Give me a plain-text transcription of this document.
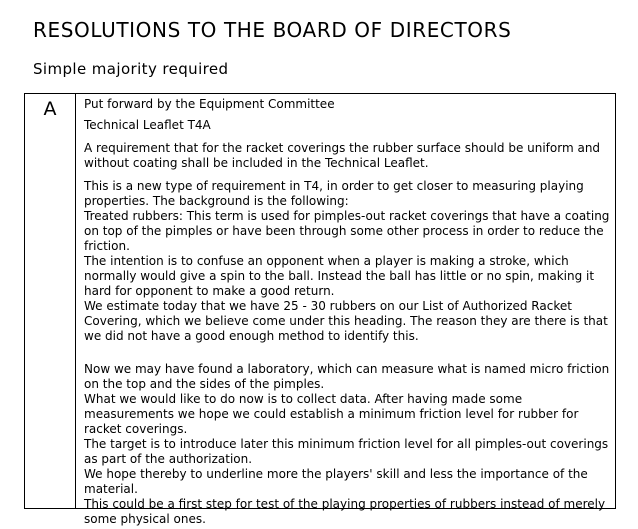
RESOLUTIONS TO THE BOARD OF DIRECTORS
Simple majority required
A	Put forward by the Equipment Committee

Technical Leaflet T4A

A requirement that for the racket coverings the rubber surface should be uniform and without coating shall be included in the Technical Leaflet.

This is a new type of requirement in T4, in order to get closer to measuring playing properties. The background is the following:

Treated rubbers: This term is used for pimples-out racket coverings that have a coating on top of the pimples or have been through some other process in order to reduce the friction.

The intention is to confuse an opponent when a player is making a stroke, which normally would give a spin to the ball. Instead the ball has little or no spin, making it hard for opponent to make a good return.

We estimate today that we have 25 - 30 rubbers on our List of Authorized Racket Covering, which we believe come under this heading. The reason they are there is that we did not have a good enough method to identify this.

Now we may have found a laboratory, which can measure what is named micro friction on the top and the sides of the pimples.

What we would like to do now is to collect data. After having made some measurements we hope we could establish a minimum friction level for rubber for racket coverings.

The target is to introduce later this minimum friction level for all pimples-out coverings as part of the authorization.

We hope thereby to underline more the players' skill and less the importance of the material.

This could be a first step for test of the playing properties of rubbers instead of merely some physical ones.
